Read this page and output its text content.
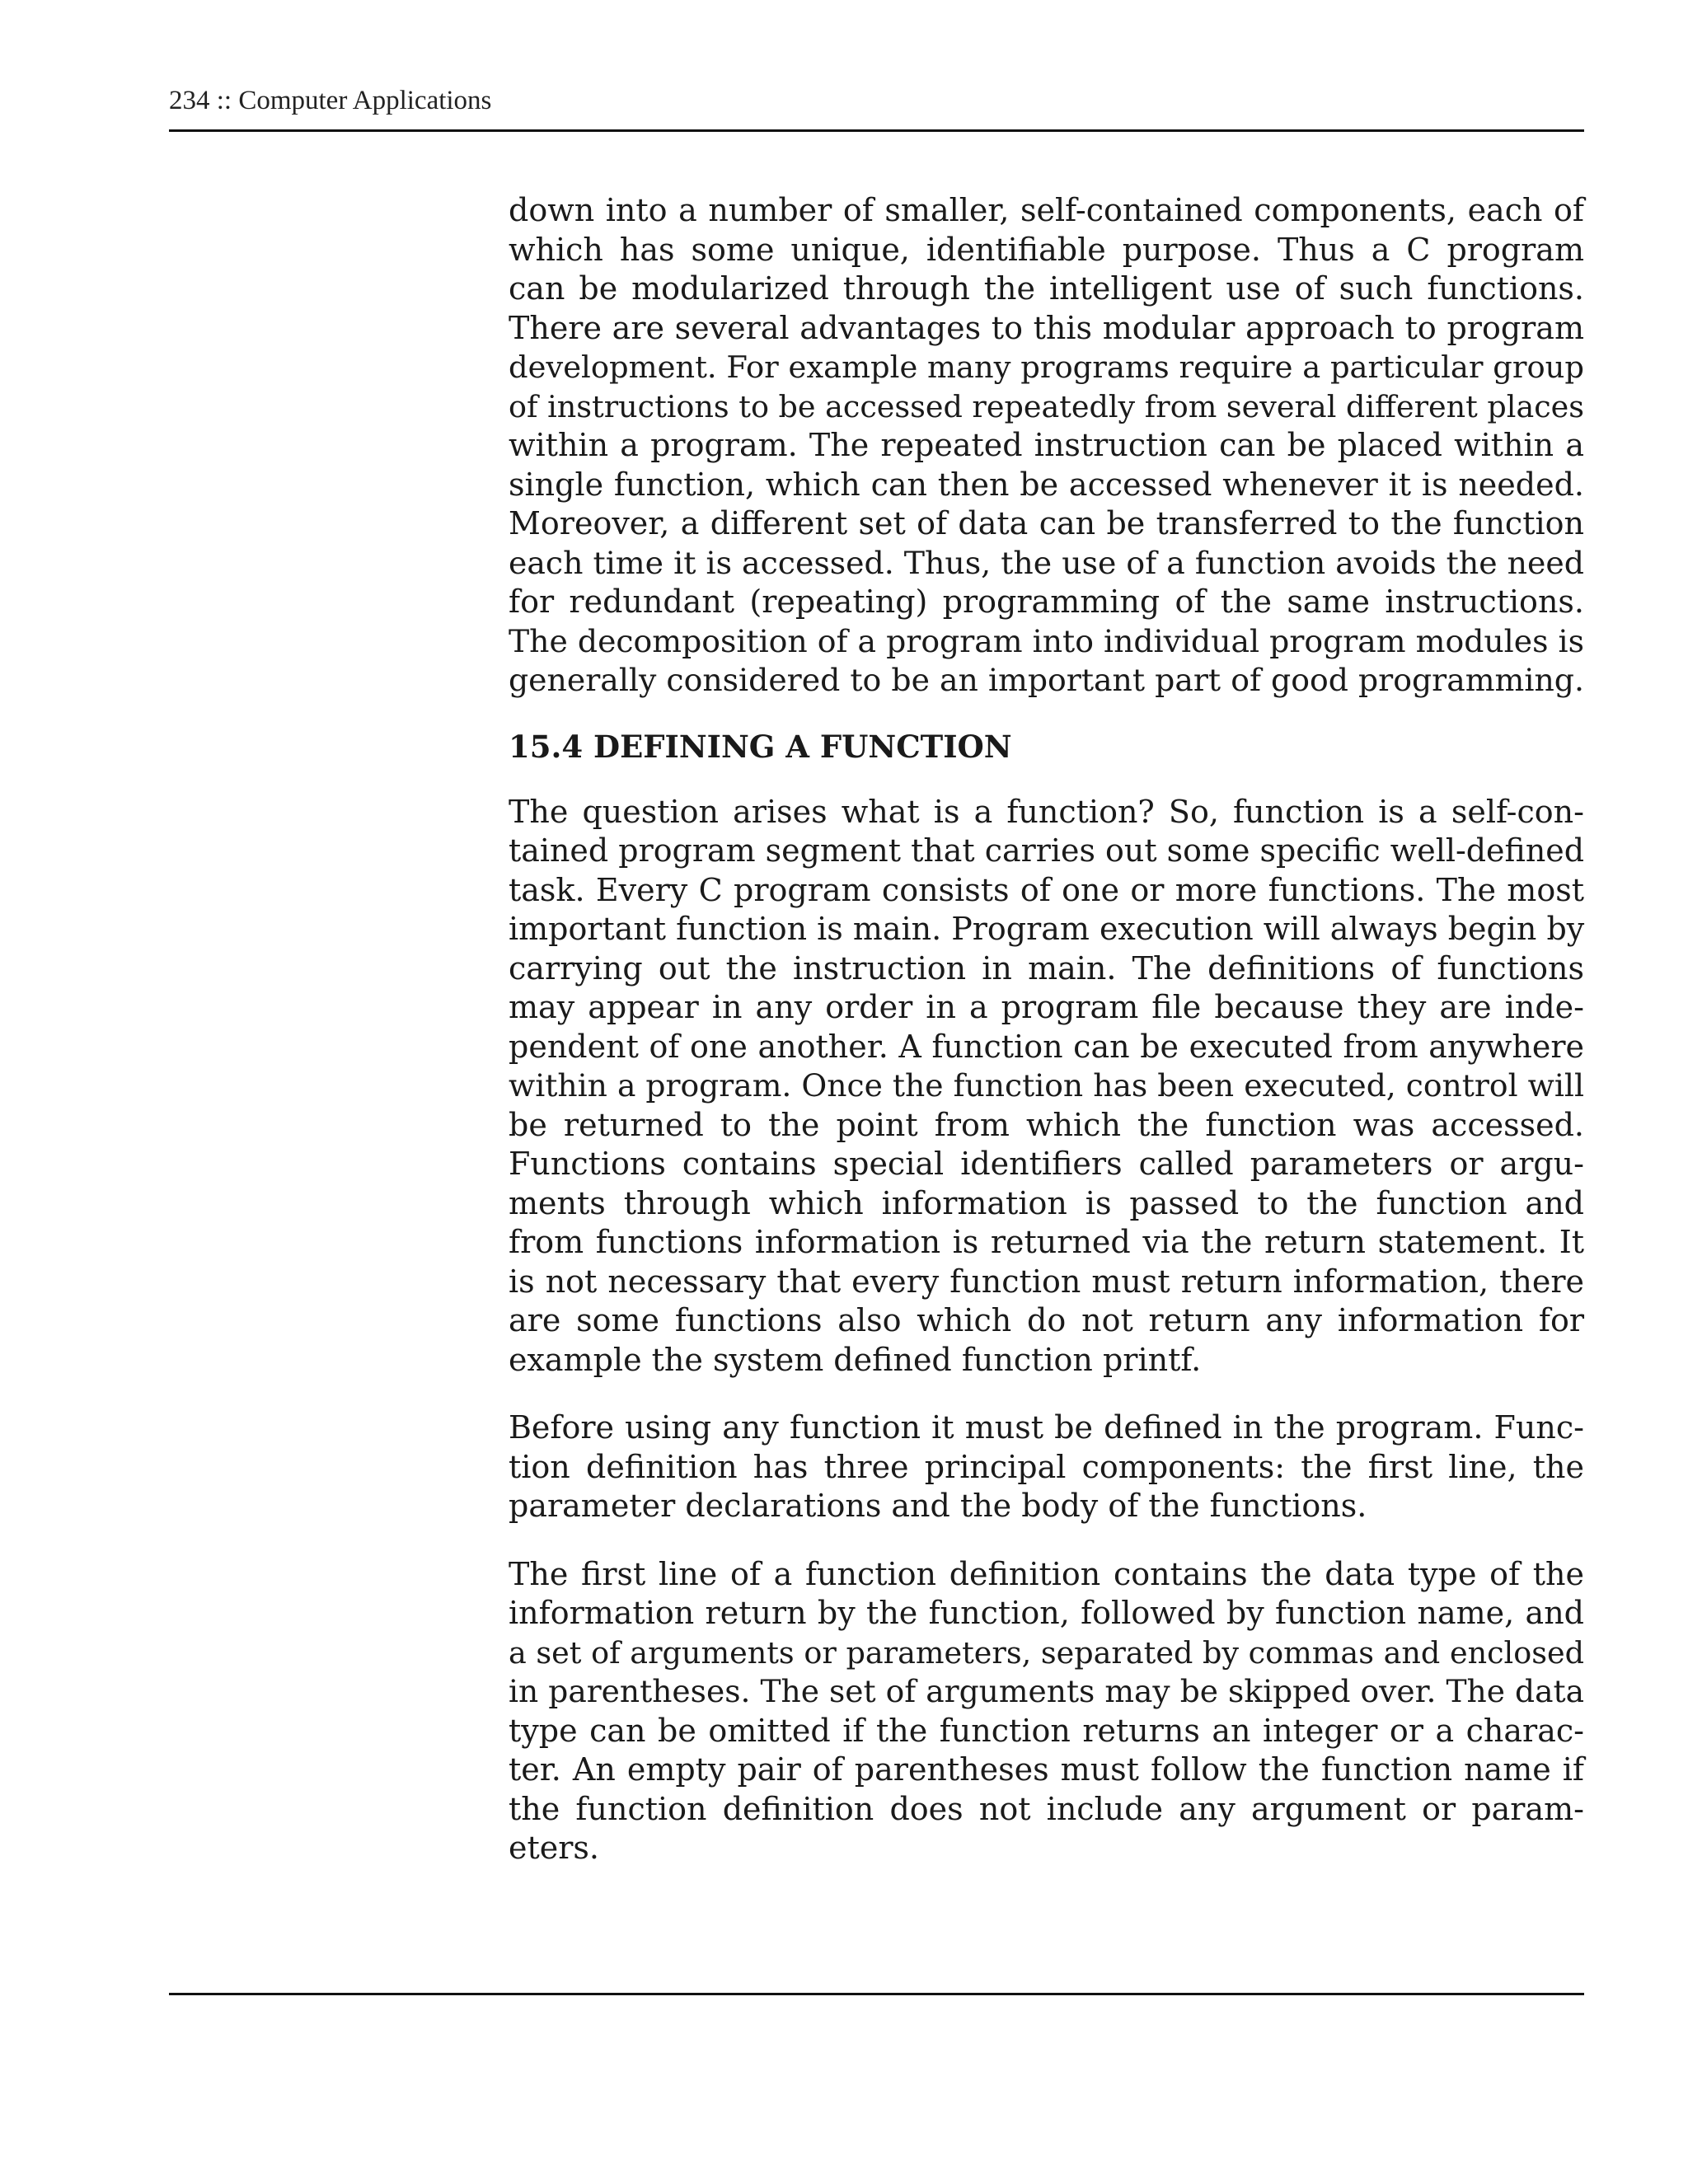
234 :: Computer Applications

down into a number of smaller, self-contained components, each of
which has some unique, identifiable purpose. Thus a C program
can be modularized through the intelligent use of such functions.
There are several advantages to this modular approach to program
development. For example many programs require a particular group
of instructions to be accessed repeatedly from several different places
within a program. The repeated instruction can be placed within a
single function, which can then be accessed whenever it is needed.
Moreover, a different set of data can be transferred to the function
each time it is accessed. Thus, the use of a function avoids the need
for redundant (repeating) programming of the same instructions.
The decomposition of a program into individual program modules is
generally considered to be an important part of good programming.

15.4 DEFINING A FUNCTION

The question arises what is a function? So, function is a self-con-
tained program segment that carries out some specific well-defined
task. Every C program consists of one or more functions. The most
important function is main. Program execution will always begin by
carrying out the instruction in main. The definitions of functions
may appear in any order in a program file because they are inde-
pendent of one another. A function can be executed from anywhere
within a program. Once the function has been executed, control will
be returned to the point from which the function was accessed.
Functions contains special identifiers called parameters or argu-
ments through which information is passed to the function and
from functions information is returned via the return statement. It
is not necessary that every function must return information, there
are some functions also which do not return any information for
example the system defined function printf.

Before using any function it must be defined in the program. Func-
tion definition has three principal components: the first line, the
parameter declarations and the body of the functions.

The first line of a function definition contains the data type of the
information return by the function, followed by function name, and
a set of arguments or parameters, separated by commas and enclosed
in parentheses. The set of arguments may be skipped over. The data
type can be omitted if the function returns an integer or a charac-
ter. An empty pair of parentheses must follow the function name if
the function definition does not include any argument or param-
eters.
